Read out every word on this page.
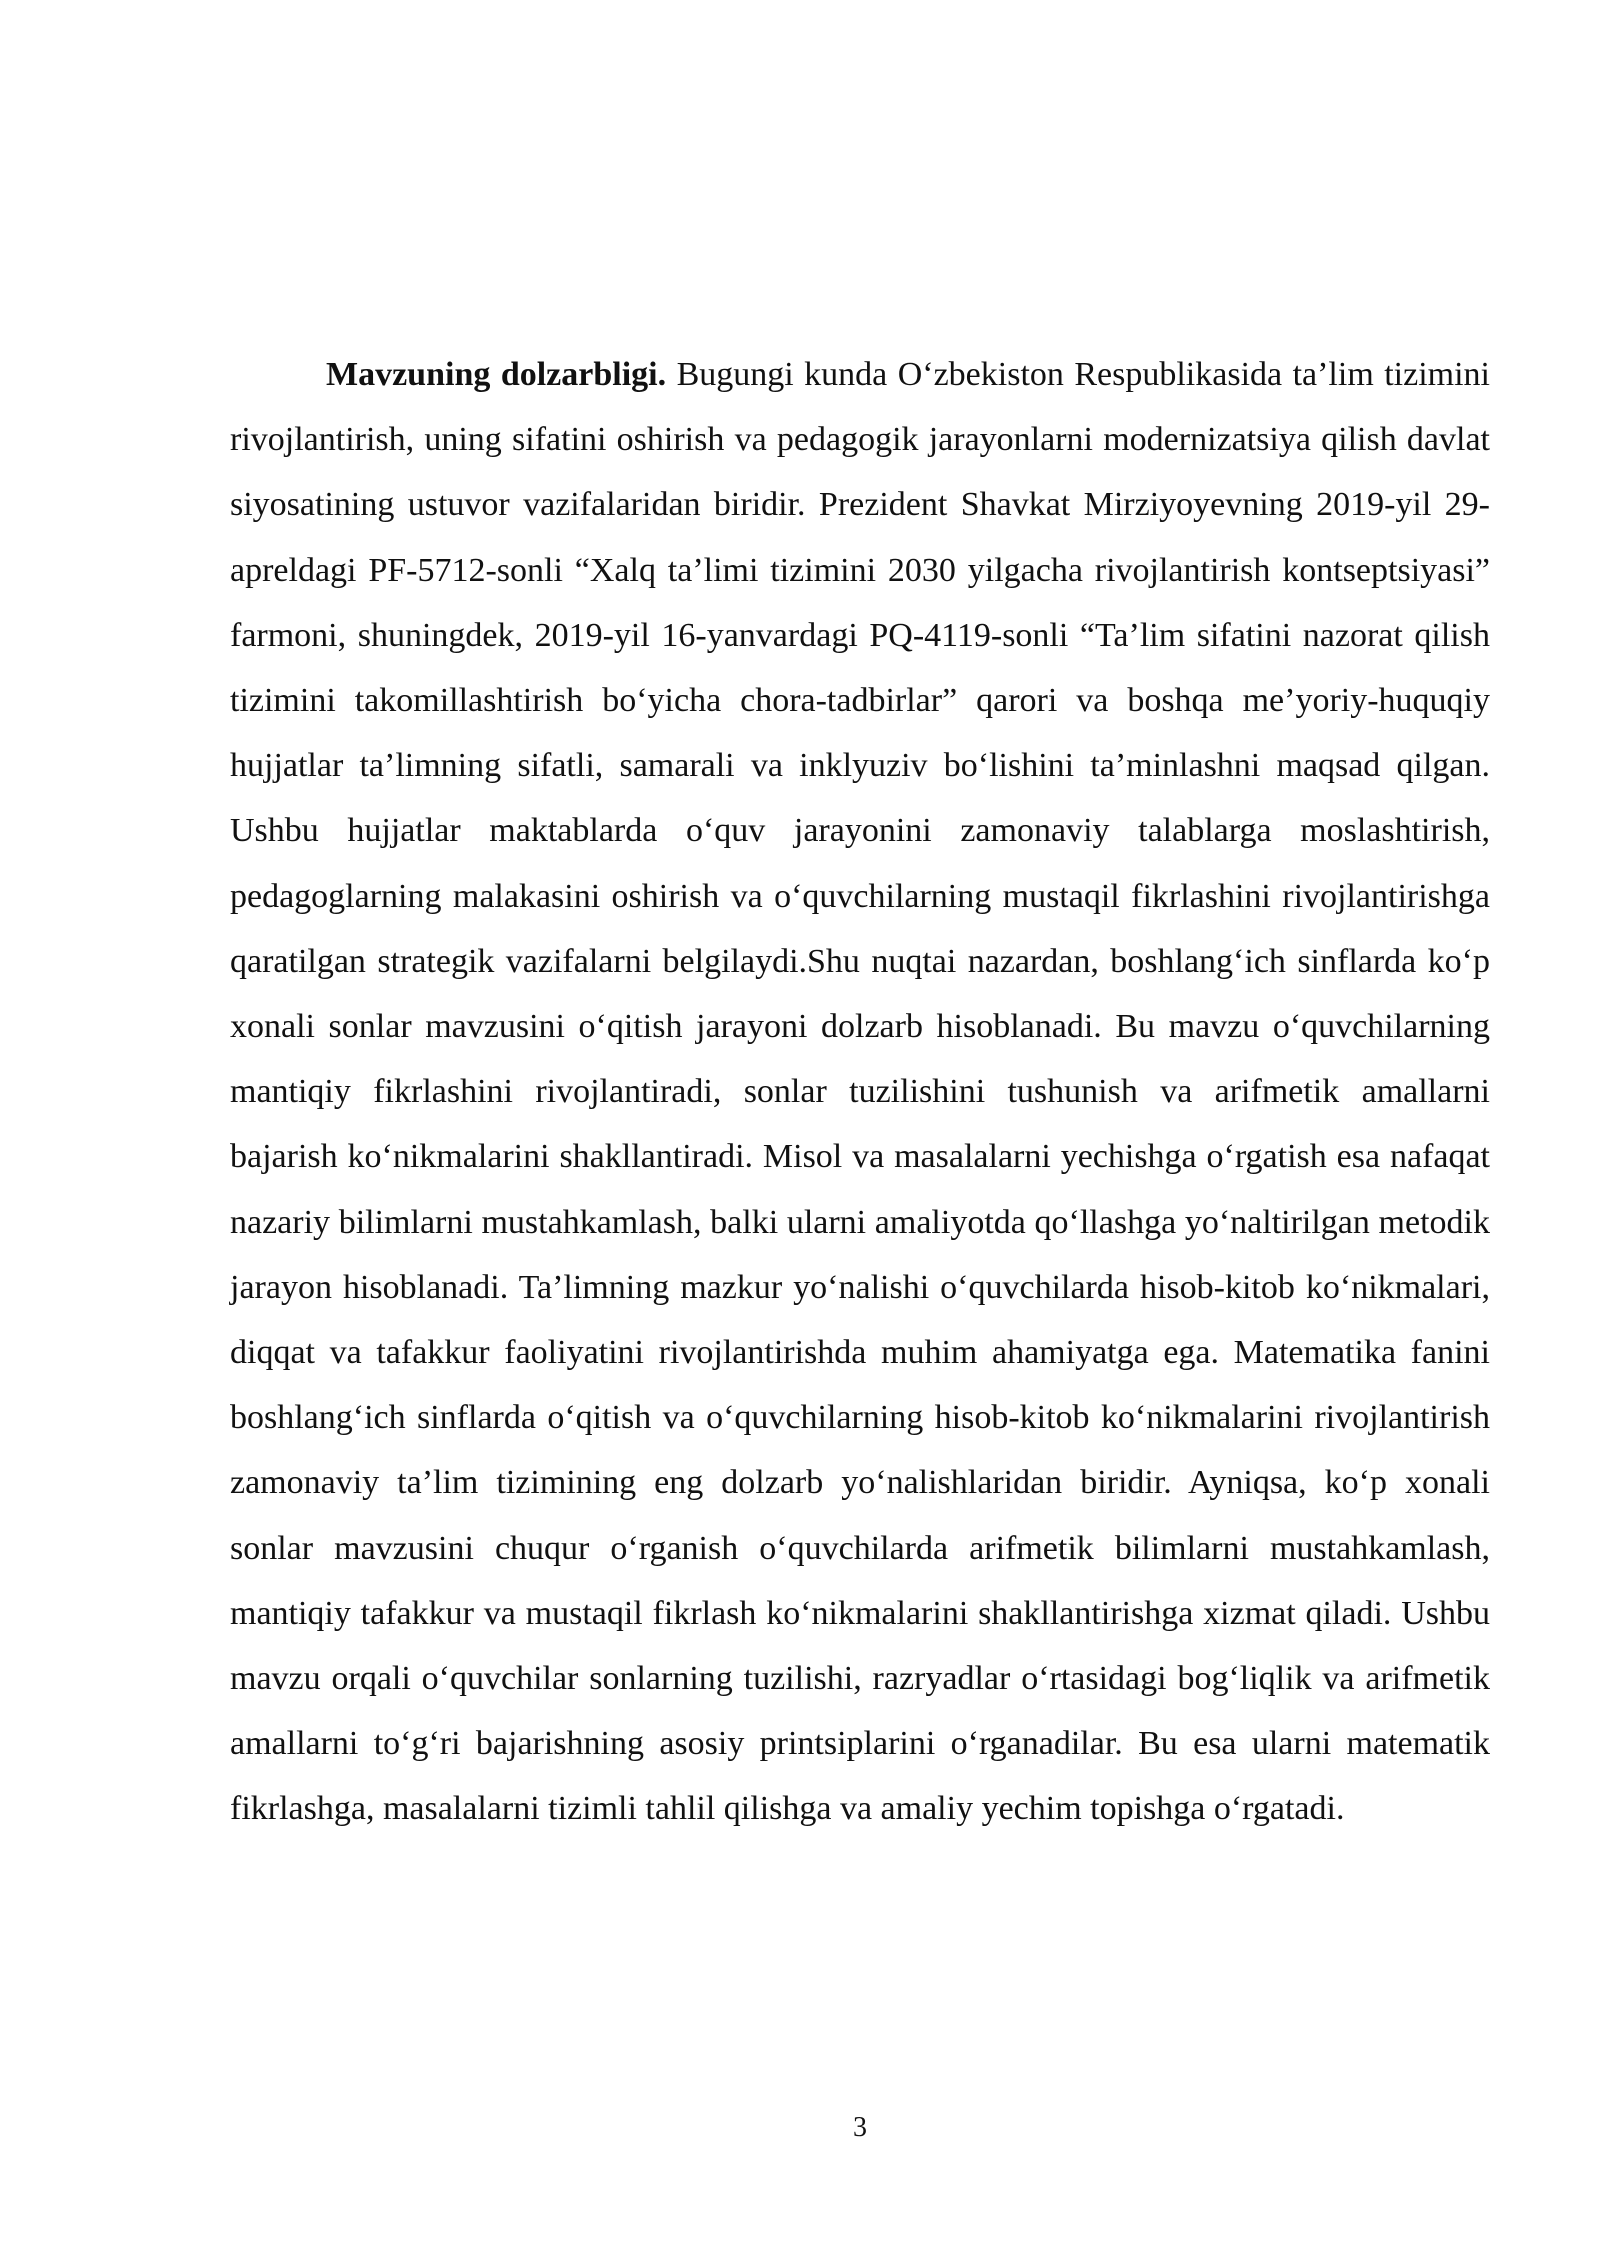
Mavzuning dolzarbligi. Bugungi kunda O‘zbekiston Respublikasida ta’lim tizimini rivojlantirish, uning sifatini oshirish va pedagogik jarayonlarni modernizatsiya qilish davlat siyosatining ustuvor vazifalaridan biridir. Prezident Shavkat Mirziyoyevning 2019-yil 29-apreldagi PF-5712-sonli “Xalq ta’limi tizimini 2030 yilgacha rivojlantirish kontseptsiyasi” farmoni, shuningdek, 2019-yil 16-yanvardagi PQ-4119-sonli “Ta’lim sifatini nazorat qilish tizimini takomillashtirish bo‘yicha chora-tadbirlar” qarori va boshqa me’yoriy-huquqiy hujjatlar ta’limning sifatli, samarali va inklyuziv bo‘lishini ta’minlashni maqsad qilgan. Ushbu hujjatlar maktablarda o‘quv jarayonini zamonaviy talablarga moslashtirish, pedagoglarning malakasini oshirish va o‘quvchilarning mustaqil fikrlashini rivojlantirishga qaratilgan strategik vazifalarni belgilaydi.Shu nuqtai nazardan, boshlang‘ich sinflarda ko‘p xonali sonlar mavzusini o‘qitish jarayoni dolzarb hisoblanadi. Bu mavzu o‘quvchilarning mantiqiy fikrlashini rivojlantiradi, sonlar tuzilishini tushunish va arifmetik amallarni bajarish ko‘nikmalarini shakllantiradi. Misol va masalalarni yechishga o‘rgatish esa nafaqat nazariy bilimlarni mustahkamlash, balki ularni amaliyotda qo‘llashga yo‘naltirilgan metodik jarayon hisoblanadi. Ta’limning mazkur yo‘nalishi o‘quvchilarda hisob-kitob ko‘nikmalari, diqqat va tafakkur faoliyatini rivojlantirishda muhim ahamiyatga ega. Matematika fanini boshlang‘ich sinflarda o‘qitish va o‘quvchilarning hisob-kitob ko‘nikmalarini rivojlantirish zamonaviy ta’lim tizimining eng dolzarb yo‘nalishlaridan biridir. Ayniqsa, ko‘p xonali sonlar mavzusini chuqur o‘rganish o‘quvchilarda arifmetik bilimlarni mustahkamlash, mantiqiy tafakkur va mustaqil fikrlash ko‘nikmalarini shakllantirishga xizmat qiladi. Ushbu mavzu orqali o‘quvchilar sonlarning tuzilishi, razryadlar o‘rtasidagi bog‘liqlik va arifmetik amallarni to‘g‘ri bajarishning asosiy printsiplarini o‘rganadilar. Bu esa ularni matematik fikrlashga, masalalarni tizimli tahlil qilishga va amaliy yechim topishga o‘rgatadi.

3
